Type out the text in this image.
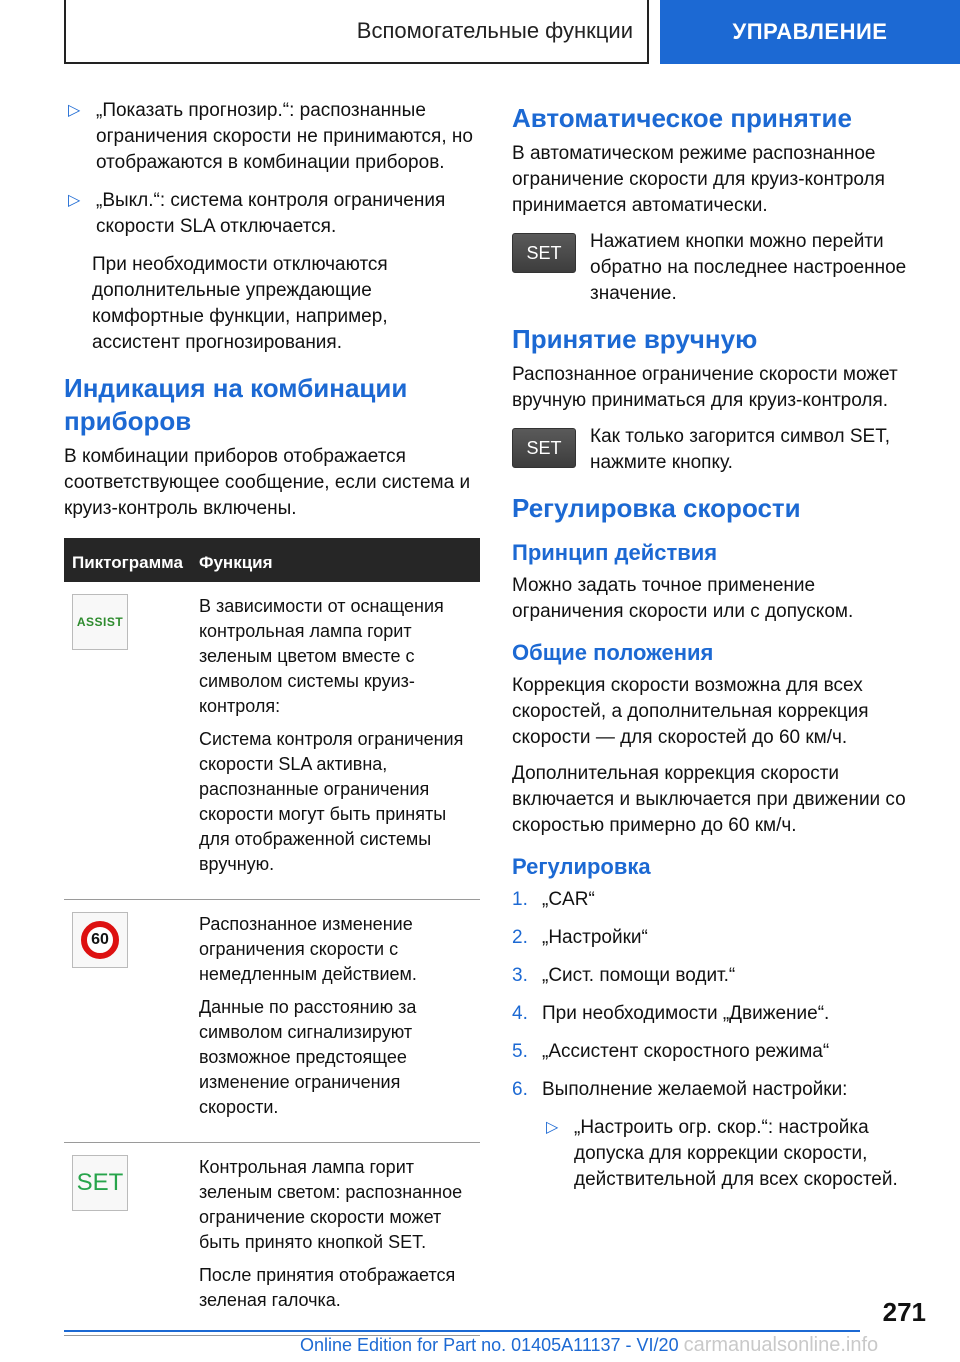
Вспомогательные функции	УПРАВЛЕНИЕ
▷ „Показать прогнозир.“: распознанные ограничения скорости не принимаются, но отображаются в комбинации приборов.
▷ „Выкл.“: система контроля ограничения скорости SLA отключается.

При необходимости отключаются дополнительные упреждающие комфортные функции, например, ассистент прогнозирования.

Индикация на комбинации приборов

В комбинации приборов отображается соответствующее сообщение, если система и круиз-контроль включены.

Пиктограмма	Функция

ASSIST	В зависимости от оснащения контрольная лампа горит зеленым цветом вместе с символом системы круиз-контроля:

Система контроля ограничения скорости SLA активна, распознанные ограничения скорости могут быть приняты для отображенной системы вручную.

60	Распознанное изменение ограничения скорости с немедленным действием.

Данные по расстоянию за символом сигнализируют возможное предстоящее изменение ограничения скорости.

SET	Контрольная лампа горит зеленым светом: распознанное ограничение скорости может быть принято кнопкой SET.

После принятия отображается зеленая галочка.

Автоматическое принятие

В автоматическом режиме распознанное ограничение скорости для круиз-контроля принимается автоматически.

SET

Нажатием кнопки можно перейти обратно на последнее настроенное значение.

Принятие вручную

Распознанное ограничение скорости может вручную приниматься для круиз-контроля.

SET

Как только загорится символ SET, нажмите кнопку.

Регулировка скорости
Принцип действия

Можно задать точное применение ограничения скорости или с допуском.

Общие положения

Коррекция скорости возможна для всех скоростей, а дополнительная коррекция скорости — для скоростей до 60 км/ч.

Дополнительная коррекция скорости включается и выключается при движении со скоростью примерно до 60 км/ч.

Регулировка
1. „CAR“
2. „Настройки“
3. „Сист. помощи водит.“
4. При необходимости „Движение“.
5. „Ассистент скоростного режима“
6. Выполнение желаемой настройки:
▷ „Настроить огр. скор.“: настройка допуска для коррекции скорости, действительной для всех скоростей.
271
Online Edition for Part no. 01405A11137 - VI/20 carmanualsonline.info
